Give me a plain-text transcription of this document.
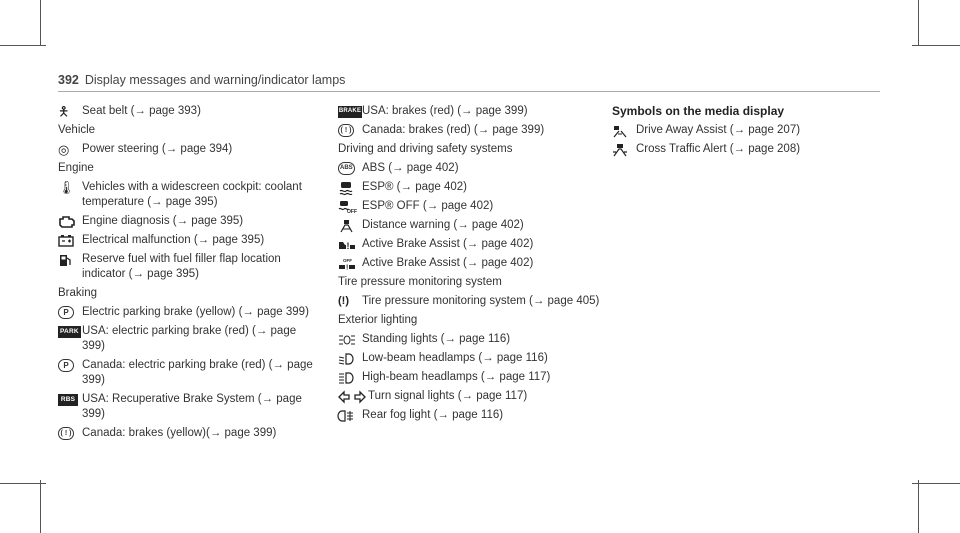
392 Display messages and warning/indicator lamps
🯅 Seat belt (→ page 393)
Vehicle
◎ Power steering (→ page 394)
Engine
🌡 Vehicles with a widescreen cockpit: coolant temperature (→ page 395)
Engine diagnosis (→ page 395)
Electrical malfunction (→ page 395)
Reserve fuel with fuel filler flap location indicator (→ page 395)
Braking
P	Electric parking brake (yellow) (→ page 399)
PARK USA: electric parking brake (red) (→ page 399)
P	Canada: electric parking brake (red) (→ page 399)
RBS USA: Recuperative Brake System (→ page 399)
( ! ) Canada: brakes (yellow)(→ page 399)
BRAKE USA: brakes (red) (→ page 399)
( ! ) Canada: brakes (red) (→ page 399)
Driving and driving safety systems
ABS ABS (→ page 402)
ESP® (→ page 402)
OFF ESP® OFF (→ page 402)
Distance warning (→ page 402)
! Active Brake Assist (→ page 402)
OFF
! Active Brake Assist (→ page 402)
Tire pressure monitoring system
(!) Tire pressure monitoring system (→ page 405)
Exterior lighting
Standing lights (→ page 116)
Low-beam headlamps (→ page 116)
High-beam headlamps (→ page 117)
Turn signal lights (→ page 117)
Rear fog light (→ page 116)
Symbols on the media display
Drive Away Assist (→ page 207)
Cross Traffic Alert (→ page 208)
